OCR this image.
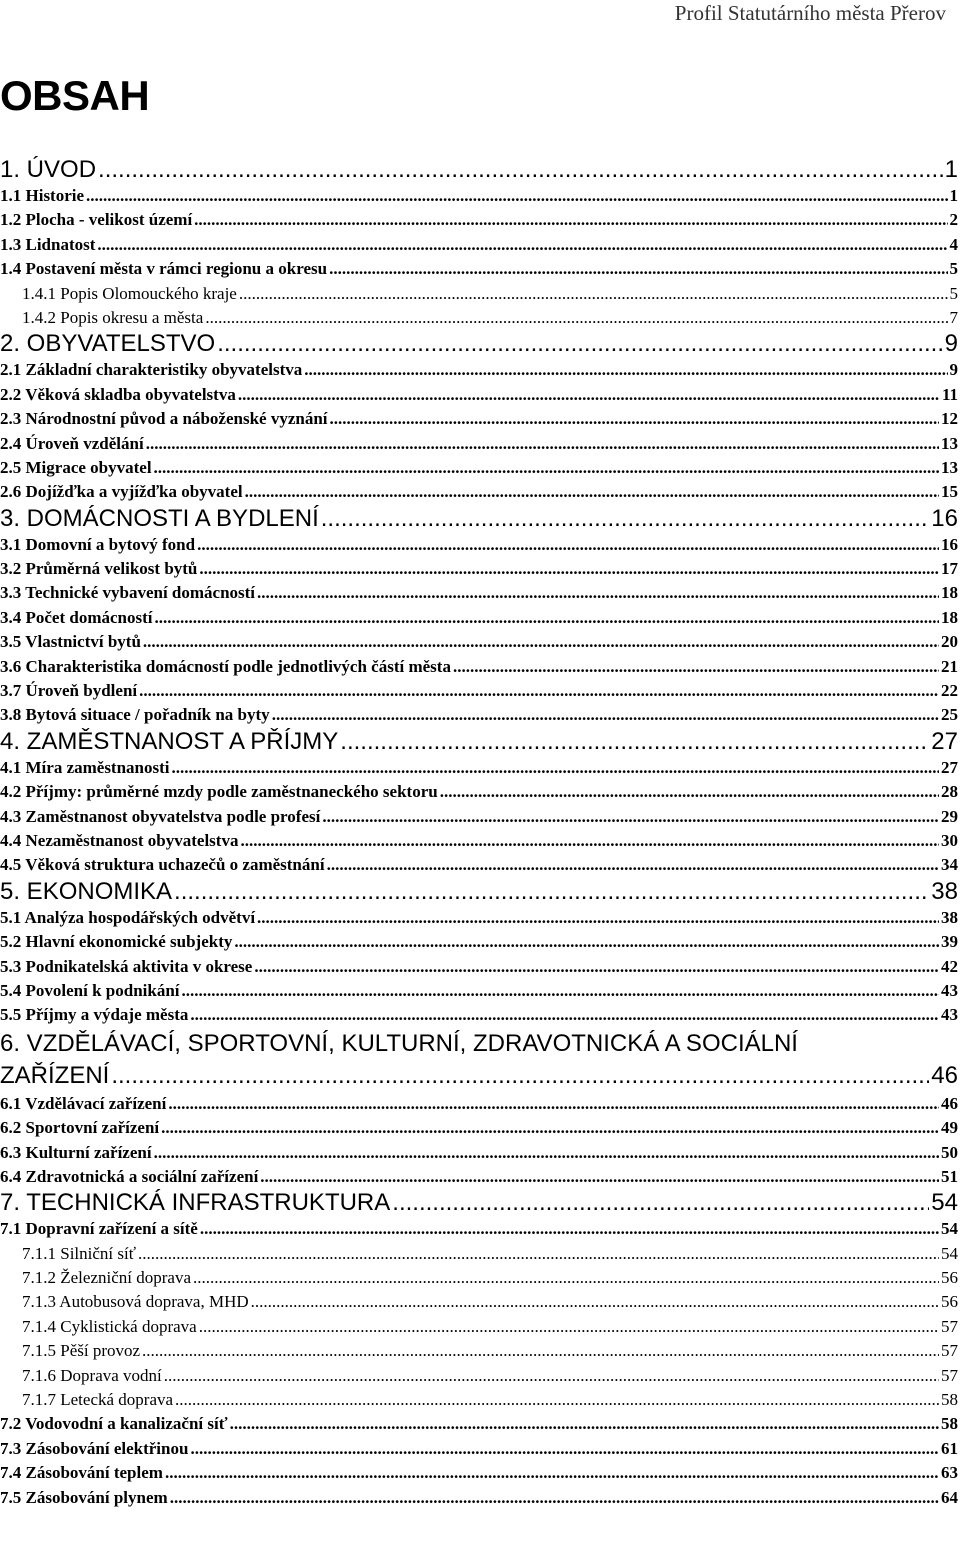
Profil Statutárního města Přerov
OBSAH
1. ÚVOD .....	1
1.1 Historie .....	1
1.2 Plocha - velikost území .....	2
1.3 Lidnatost .....	4
1.4 Postavení města v rámci regionu a okresu .....	5
1.4.1 Popis Olomouckého kraje .....	5
1.4.2 Popis okresu a města .....	7
2. OBYVATELSTVO .....	9
2.1 Základní charakteristiky obyvatelstva .....	9
2.2 Věková skladba obyvatelstva .....	11
2.3 Národnostní původ a náboženské vyznání .....	12
2.4 Úroveň vzdělání .....	13
2.5 Migrace obyvatel .....	13
2.6 Dojížďka a vyjížďka obyvatel .....	15
3. DOMÁCNOSTI A BYDLENÍ .....	16
3.1 Domovní a bytový fond .....	16
3.2 Průměrná velikost bytů .....	17
3.3 Technické vybavení domácností .....	18
3.4 Počet domácností .....	18
3.5 Vlastnictví bytů .....	20
3.6 Charakteristika domácností podle jednotlivých částí města .....	21
3.7 Úroveň bydlení .....	22
3.8 Bytová situace / pořadník na byty .....	25
4. ZAMĚSTNANOST A PŘÍJMY .....	27
4.1 Míra zaměstnanosti .....	27
4.2 Příjmy: průměrné mzdy podle zaměstnaneckého sektoru .....	28
4.3 Zaměstnanost obyvatelstva podle profesí .....	29
4.4 Nezaměstnanost obyvatelstva .....	30
4.5 Věková struktura uchazečů o zaměstnání .....	34
5. EKONOMIKA .....	38
5.1 Analýza hospodářských odvětví .....	38
5.2 Hlavní ekonomické subjekty .....	39
5.3 Podnikatelská aktivita v okrese .....	42
5.4 Povolení k podnikání .....	43
5.5 Příjmy a výdaje města .....	43
6. VZDĚLÁVACÍ, SPORTOVNÍ, KULTURNÍ, ZDRAVOTNICKÁ A SOCIÁLNÍ
ZAŘÍZENÍ .....	46
6.1 Vzdělávací zařízení .....	46
6.2 Sportovní zařízení .....	49
6.3 Kulturní zařízení .....	50
6.4 Zdravotnická a sociální zařízení .....	51
7. TECHNICKÁ INFRASTRUKTURA .....	54
7.1 Dopravní zařízení a sítě .....	54
7.1.1 Silniční síť .....	54
7.1.2 Železniční doprava .....	56
7.1.3 Autobusová doprava, MHD .....	56
7.1.4 Cyklistická doprava .....	57
7.1.5 Pěší provoz .....	57
7.1.6 Doprava vodní .....	57
7.1.7 Letecká doprava .....	58
7.2 Vodovodní a kanalizační síť .....	58
7.3 Zásobování elektřinou .....	61
7.4 Zásobování teplem .....	63
7.5 Zásobování plynem .....	64
